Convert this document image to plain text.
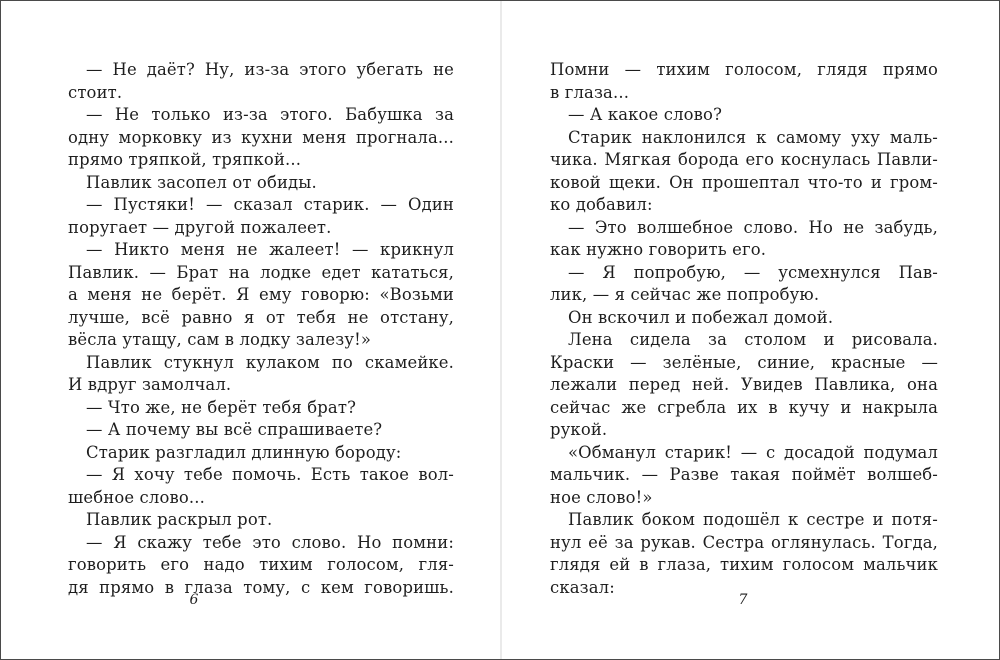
— Не даёт? Ну, из-за этого убегать не
стоит.
— Не только из-за этого. Бабушка за
одну морковку из кухни меня прогнала...
прямо тряпкой, тряпкой...
Павлик засопел от обиды.
— Пустяки! — сказал старик. — Один
поругает — другой пожалеет.
— Никто меня не жалеет! — крикнул
Павлик. — Брат на лодке едет кататься,
а меня не берёт. Я ему говорю: «Возьми
лучше, всё равно я от тебя не отстану,
вёсла утащу, сам в лодку залезу!»
Павлик стукнул кулаком по скамейке.
И вдруг замолчал.
— Что же, не берёт тебя брат?
— А почему вы всё спрашиваете?
Старик разгладил длинную бороду:
— Я хочу тебе помочь. Есть такое вол-
шебное слово...
Павлик раскрыл рот.
— Я скажу тебе это слово. Но помни:
говорить его надо тихим голосом, гля-
дя прямо в глаза тому, с кем говоришь.
6
Помни — тихим голосом, глядя прямо
в глаза...
— А какое слово?
Старик наклонился к самому уху маль-
чика. Мягкая борода его коснулась Павли-
ковой щеки. Он прошептал что-то и гром-
ко добавил:
— Это волшебное слово. Но не забудь,
как нужно говорить его.
— Я попробую, — усмехнулся Пав-
лик, — я сейчас же попробую.
Он вскочил и побежал домой.
Лена сидела за столом и рисовала.
Краски — зелёные, синие, красные —
лежали перед ней. Увидев Павлика, она
сейчас же сгребла их в кучу и накрыла
рукой.
«Обманул старик! — с досадой подумал
мальчик. — Разве такая поймёт волшеб-
ное слово!»
Павлик боком подошёл к сестре и потя-
нул её за рукав. Сестра оглянулась. Тогда,
глядя ей в глаза, тихим голосом мальчик
сказал:
7
